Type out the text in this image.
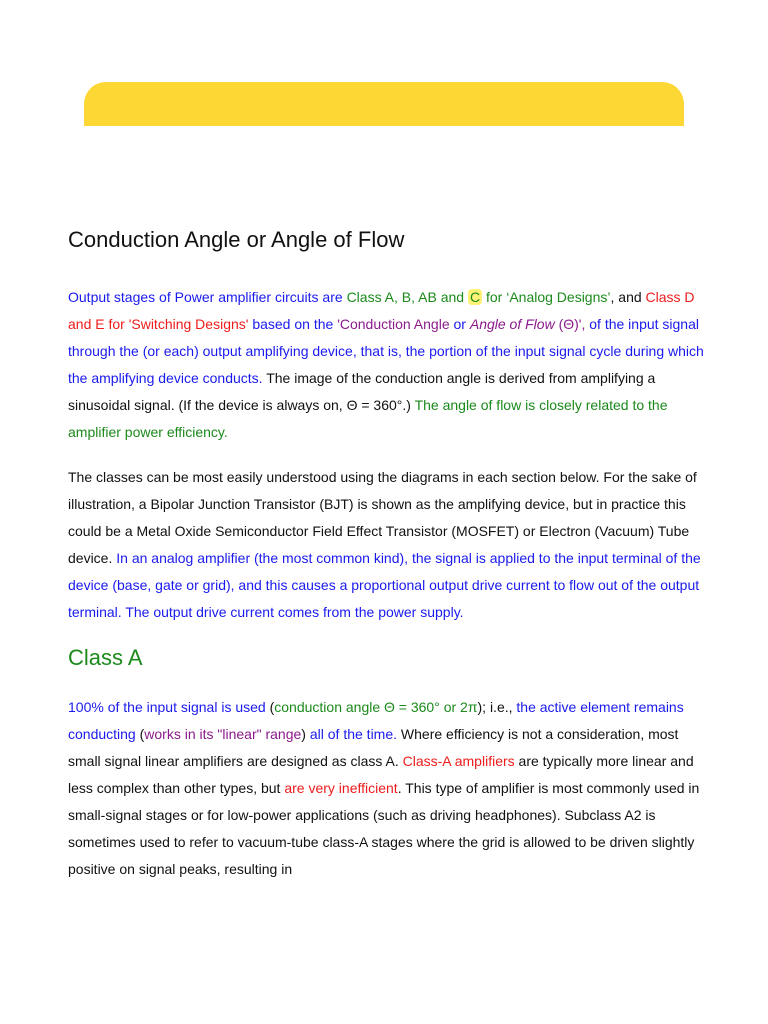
Conduction Angle or Angle of Flow

Output stages of Power amplifier circuits are Class A, B, AB and C for ‘Analog Designs’, and Class D and E for 'Switching Designs' based on the 'Conduction Angle or Angle of Flow (Θ)', of the input signal through the (or each) output amplifying device, that is, the portion of the input signal cycle during which the amplifying device conducts. The image of the conduction angle is derived from amplifying a sinusoidal signal. (If the device is always on, Θ = 360°.) The angle of flow is closely related to the amplifier power efficiency.

The classes can be most easily understood using the diagrams in each section below. For the sake of illustration, a Bipolar Junction Transistor (BJT) is shown as the amplifying device, but in practice this could be a Metal Oxide Semiconductor Field Effect Transistor (MOSFET) or Electron (Vacuum) Tube device. In an analog amplifier (the most common kind), the signal is applied to the input terminal of the device (base, gate or grid), and this causes a proportional output drive current to flow out of the output terminal. The output drive current comes from the power supply.

Class A

100% of the input signal is used (conduction angle Θ = 360° or 2π); i.e., the active element remains conducting (works in its "linear" range) all of the time. Where efficiency is not a consideration, most small signal linear amplifiers are designed as class A. Class-A amplifiers are typically more linear and less complex than other types, but are very inefficient. This type of amplifier is most commonly used in small-signal stages or for low-power applications (such as driving headphones). Subclass A2 is sometimes used to refer to vacuum-tube class-A stages where the grid is allowed to be driven slightly positive on signal peaks, resulting in
